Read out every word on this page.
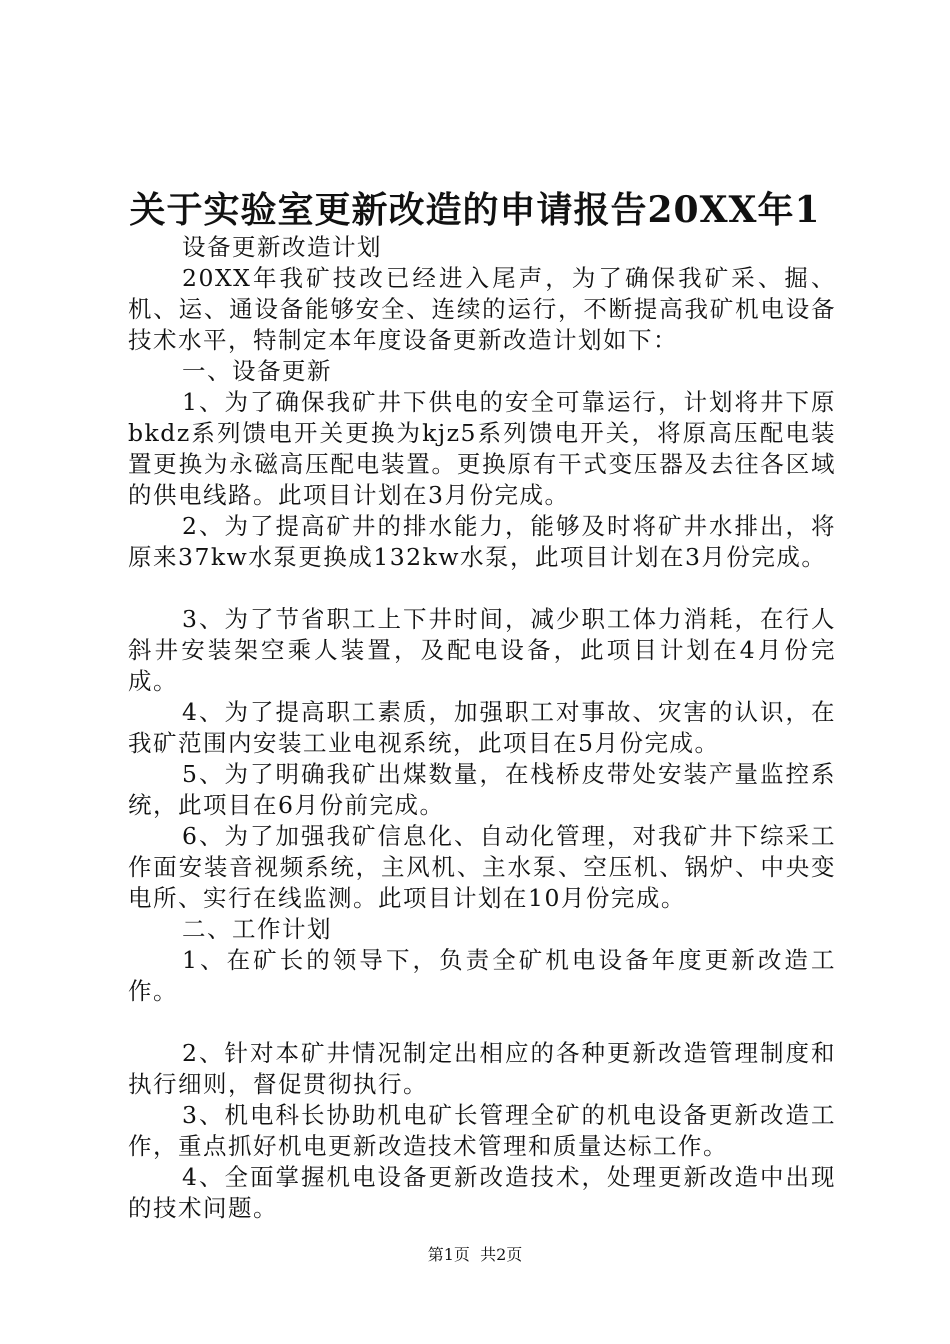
关于实验室更新改造的申请报告20XX年1

设备更新改造计划

20XX年我矿技改已经进入尾声，为了确保我矿采、掘、机、运、通设备能够安全、连续的运行，不断提高我矿机电设备技术水平，特制定本年度设备更新改造计划如下：

一、设备更新

1、为了确保我矿井下供电的安全可靠运行，计划将井下原bkdz系列馈电开关更换为kjz5系列馈电开关，将原高压配电装置更换为永磁高压配电装置。更换原有干式变压器及去往各区域的供电线路。此项目计划在3月份完成。

2、为了提高矿井的排水能力，能够及时将矿井水排出，将原来37kw水泵更换成132kw水泵，此项目计划在3月份完成。

3、为了节省职工上下井时间，减少职工体力消耗，在行人斜井安装架空乘人装置，及配电设备，此项目计划在4月份完成。

4、为了提高职工素质，加强职工对事故、灾害的认识，在我矿范围内安装工业电视系统，此项目在5月份完成。

5、为了明确我矿出煤数量，在栈桥皮带处安装产量监控系统，此项目在6月份前完成。

6、为了加强我矿信息化、自动化管理，对我矿井下综采工作面安装音视频系统，主风机、主水泵、空压机、锅炉、中央变电所、实行在线监测。此项目计划在10月份完成。

二、工作计划

1、在矿长的领导下，负责全矿机电设备年度更新改造工作。

2、针对本矿井情况制定出相应的各种更新改造管理制度和执行细则，督促贯彻执行。

3、机电科长协助机电矿长管理全矿的机电设备更新改造工作，重点抓好机电更新改造技术管理和质量达标工作。

4、全面掌握机电设备更新改造技术，处理更新改造中出现的技术问题。

第1页  共2页
